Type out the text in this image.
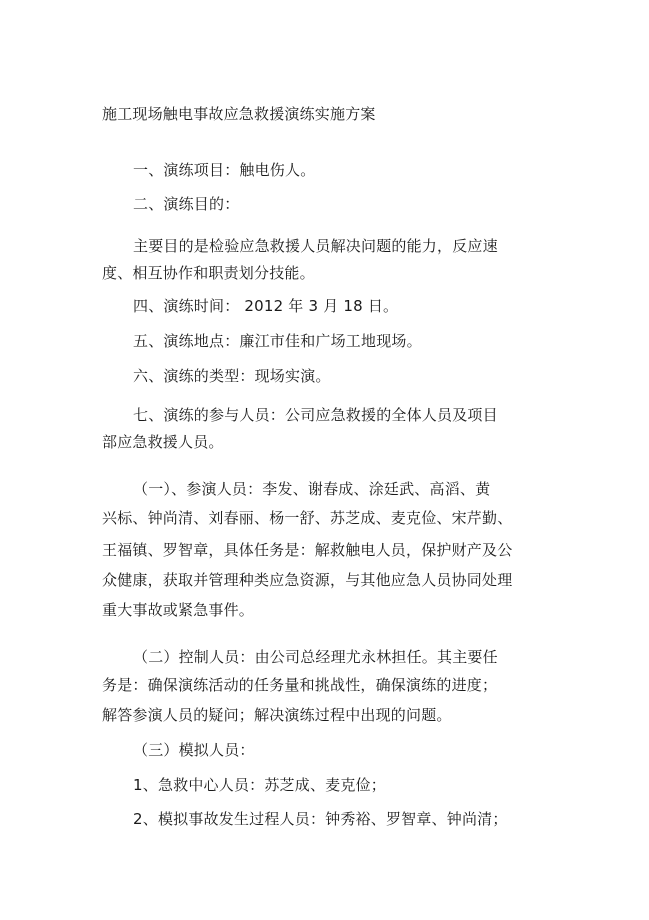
施工现场触电事故应急救援演练实施方案
一、演练项目：触电伤人。
二、演练目的：
主要目的是检验应急救援人员解决问题的能力，反应速
度、相互协作和职责划分技能。
四、演练时间： 2012 年 3 月 18 日。
五、演练地点：廉江市佳和广场工地现场。
六、演练的类型：现场实演。
七、演练的参与人员：公司应急救援的全体人员及项目
部应急救援人员。
（一）、参演人员：李发、谢春成、涂廷武、高滔、黄
兴标、钟尚清、刘春丽、杨一舒、苏芝成、麦克俭、宋芹勤、
王福镇、罗智章，具体任务是：解救触电人员，保护财产及公
众健康，获取并管理种类应急资源，与其他应急人员协同处理
重大事故或紧急事件。
（二）控制人员：由公司总经理尤永林担任。其主要任
务是：确保演练活动的任务量和挑战性，确保演练的进度；
解答参演人员的疑问；解决演练过程中出现的问题。
（三）模拟人员：
1、急救中心人员：苏芝成、麦克俭；
2、模拟事故发生过程人员：钟秀裕、罗智章、钟尚清；
